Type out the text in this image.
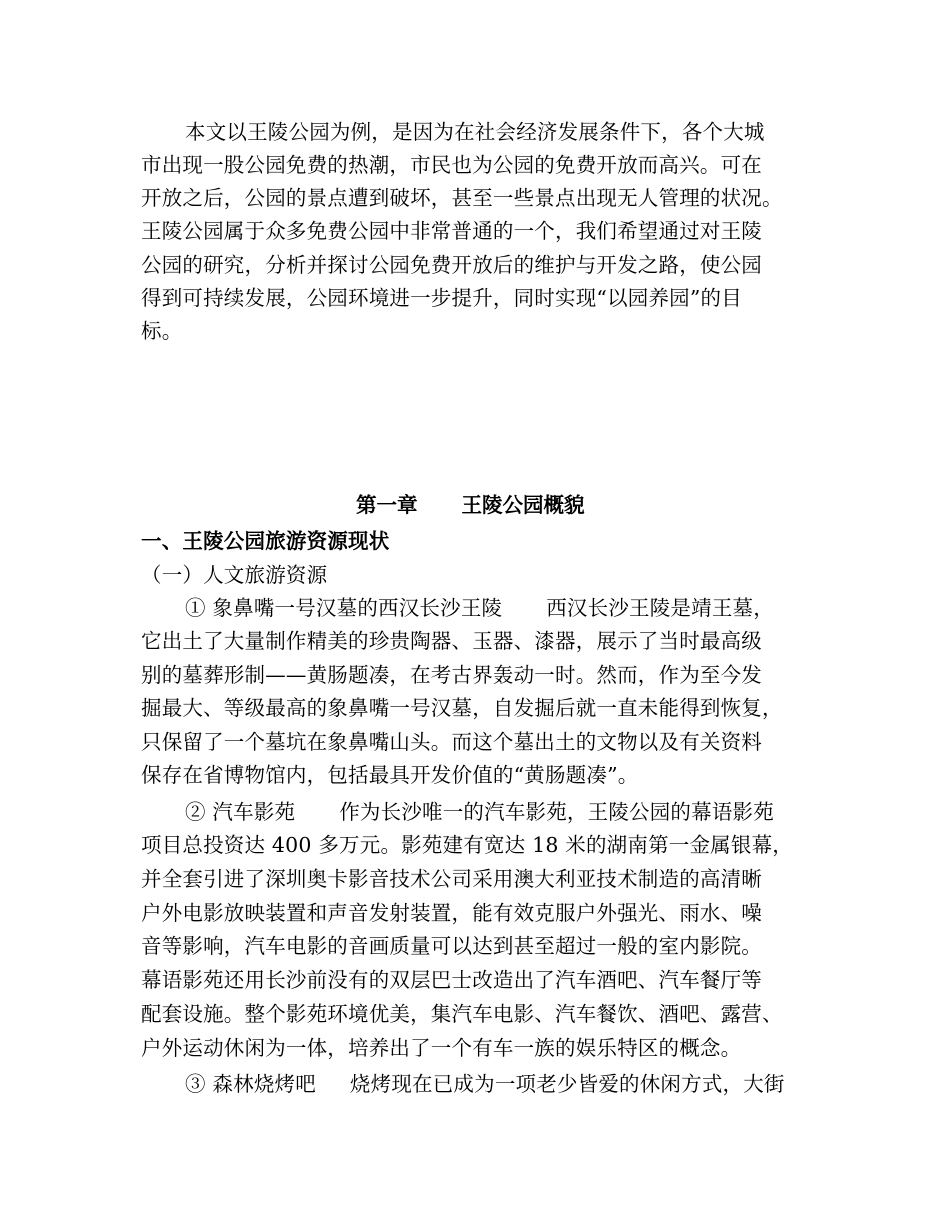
本文以王陵公园为例，是因为在社会经济发展条件下，各个大城
市出现一股公园免费的热潮，市民也为公园的免费开放而高兴。可在
开放之后，公园的景点遭到破坏，甚至一些景点出现无人管理的状况。
王陵公园属于众多免费公园中非常普通的一个，我们希望通过对王陵
公园的研究，分析并探讨公园免费开放后的维护与开发之路，使公园
得到可持续发展，公园环境进一步提升，同时实现“以园养园”的目
标。
第一章 王陵公园概貌
一、王陵公园旅游资源现状
（一）人文旅游资源
① 象鼻嘴一号汉墓的西汉长沙王陵 西汉长沙王陵是靖王墓，
它出土了大量制作精美的珍贵陶器、玉器、漆器，展示了当时最高级
别的墓葬形制——黄肠题凑，在考古界轰动一时。然而，作为至今发
掘最大、等级最高的象鼻嘴一号汉墓，自发掘后就一直未能得到恢复，
只保留了一个墓坑在象鼻嘴山头。而这个墓出土的文物以及有关资料
保存在省博物馆内，包括最具开发价值的“黄肠题凑”。
② 汽车影苑 作为长沙唯一的汽车影苑，王陵公园的幕语影苑
项目总投资达 400 多万元。影苑建有宽达 18 米的湖南第一金属银幕，
并全套引进了深圳奥卡影音技术公司采用澳大利亚技术制造的高清晰
户外电影放映装置和声音发射装置，能有效克服户外强光、雨水、噪
音等影响，汽车电影的音画质量可以达到甚至超过一般的室内影院。
幕语影苑还用长沙前没有的双层巴士改造出了汽车酒吧、汽车餐厅等
配套设施。整个影苑环境优美，集汽车电影、汽车餐饮、酒吧、露营、
户外运动休闲为一体，培养出了一个有车一族的娱乐特区的概念。
③ 森林烧烤吧 烧烤现在已成为一项老少皆爱的休闲方式，大街
